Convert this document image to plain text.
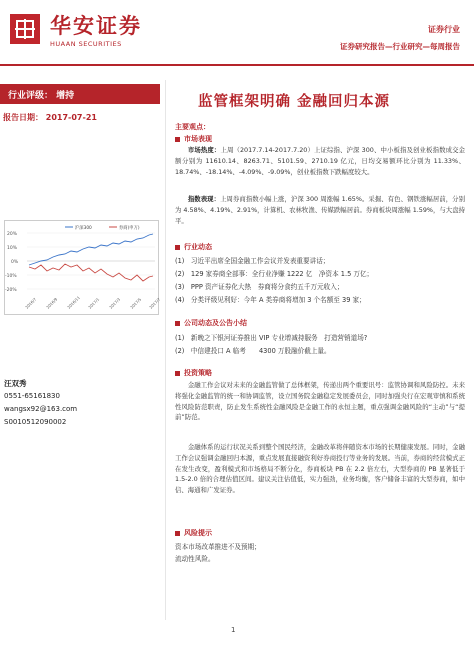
华安证券
HUAAN SECURITIES
证券行业
证券研究报告—行业研究—每周报告
行业评级： 增持
报告日期： 2017-07-21
20%
10%
0%
-10%
-20%
沪深300	券商(申万)
2016/7 2016/9 2016/11 2017/1 2017/3 2017/5 2017/7
汪双秀
0551-65161830
wangsx92@163.com
S0010512090002
监管框架明确 金融回归本源
主要观点：
市场表现
  市场热度：上周（2017.7.14-2017.7.20）上证综指、沪深 300、中小板指及创业板指数成交金额分别为 11610.14、8263.71、5101.59、2710.19 亿元，日均交易额环比分别为 11.33%、18.74%、-18.14%、-4.09%、-9.09%，创业板指数下跌幅度较大。
  指数表现：上周券商指数小幅上涨，沪深 300 周涨幅 1.65%。采掘、有色、钢铁涨幅居前，分别为 4.58%、4.19%、2.91%，计算机、农林牧渔、传媒跌幅居前。券商板块周涨幅 1.59%，与大盘持平。
行业动态
(1)　习近平出席全国金融工作会议并发表重要讲话；
(2)　129 家券商全部事：全行业净赚 1222 亿　净资本 1.5 万亿；
(3)　PPP 资产证券化大热　券商将分食约五千万元收入；
(4)　分类评级见利好：今年 A 类券商将增加 3 个名额至 39 家；
公司动态及公告小结
(1)　新晚之下银河证券推出 VIP 专业增减持服务　打造营销道场?
(2)　中信建投口 A 临考　　4300 万股融价截上量。
投资策略
  金融工作会议对未来的金融监管做了总体框架，传递出两个重要讯号：监管协调和风险防控。未来将强化金融监管的统一和协调监管，设立国务院金融稳定发展委员会，同时加强央行在宏观审慎和系统性风险防范职责，防止发生系统性金融风险是金融工作的永恒主题，重点强调金融风险的“主动”与“提前”防范。
  金融体系的运行状况关系到整个国民经济，金融改革将伴随资本市场的长期健康发展。同时，金融工作会议强调金融回归本源，重点发展直接融资利好券商投行等业务的发展。当前，券商的经营模式正在发生改变，盈利模式和市场格局不断分化，券商板块 PB 在 2.2 倍左右，大型券商的 PB 显著低于 1.5-2.0 倍的合理估值区间。建议关注估值低，实力强劲，业务均衡，客户储备丰富的大型券商，如中信、海通和广发证券。
风险提示
资本市场改革推进不及预期；
流动性风险。
1
